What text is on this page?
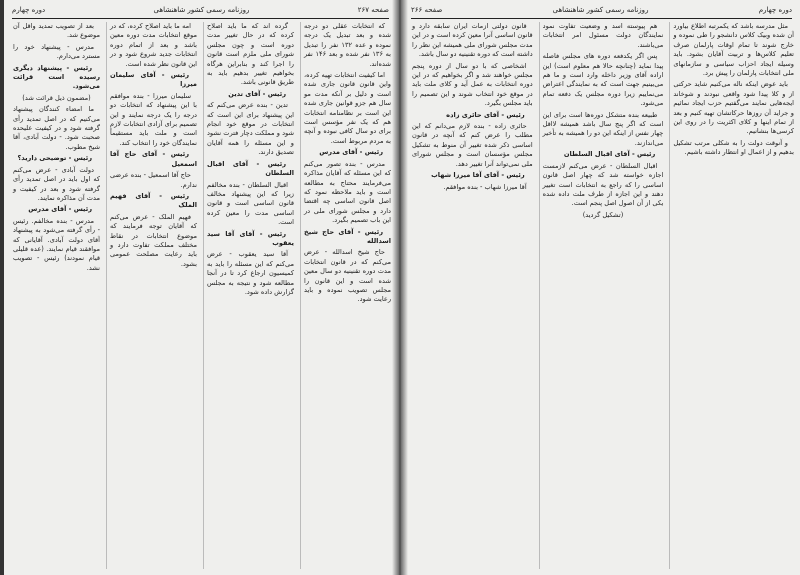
صفحه ۲۶۷
روزنامه رسمی کشور شاهنشاهی
دوره چهارم

که انتخابات عقلی دو درجه شده و بعد تبدیل یک درجه نموده و عده ۱۳۲ نفر را تبدیل به ۱۳۶ نفر شده و بعد ۱۴۶ نفر شده‌اند.

اما کیفیت انتخابات تهیه کرده، واین قانون قانون جاری شده است و دلیل بر آنکه مدت مو سال هم جزو قوانین جاری شده این است بر نظامنامه انتخابات هم که یک نفر مؤسس است برای دو سال کافی نبوده و آنچه به مردم مربوط است.

رئیس - آقای مدرس

مدرس - بنده تصور می‌کنم که این مسئله که آقایان مذاکره می‌فرمایند محتاج به مطالعه است و باید ملاحظه نمود که اصل قانون اساسی چه اقتضا دارد و مجلس شورای ملی در این باب تصمیم بگیرد.

رئیس - آقای حاج شیخ اسدالله

حاج شیخ اسدالله - عرض می‌کنم که در قانون انتخابات مدت دوره تقنینیه دو سال معین شده است و این قانون را مجلس تصویب نموده و باید رعایت شود.

گرده اند که ما باید اصلاح کرده که در حال تغییر مدت دوره است و چون مجلس شورای ملی ملزم است قانون را اجرا کند و بنابراین هرگاه بخواهیم تغییر بدهیم باید به طریق قانونی باشد.

رئیس - آقای تدین

تدین - بنده عرض می‌کنم که این پیشنهاد برای این است که انتخابات در موقع خود انجام شود و مملکت دچار فترت نشود و این مسئله را همه آقایان تصدیق دارند.

رئیس - آقای اقبال السلطان

اقبال السلطان - بنده مخالفم زیرا که این پیشنهاد مخالف قانون اساسی است و قانون اساسی مدت را معین کرده است.

رئیس - آقای آقا سید یعقوب

آقا سید یعقوب - عرض می‌کنم که این مسئله را باید به کمیسیون ارجاع کرد تا در آنجا مطالعه شود و نتیجه به مجلس گزارش داده شود.

امه ما باید اصلاح کرده، که در موقع انتخابات مدت دوره معین باشد و بعد از اتمام دوره انتخابات جدید شروع شود و در این قانون نظر شده است.

رئیس - آقای سلیمان میرزا

سلیمان میرزا - بنده موافقم با این پیشنهاد که انتخابات دو درجه را یک درجه نمایند و این تصمیم برای آزادی انتخابات لازم است و ملت باید مستقیماً نمایندگان خود را انتخاب کند.

رئیس - آقای حاج آقا اسمعیل

حاج آقا اسمعیل - بنده عرضی ندارم.

رئیس - آقای فهیم الملک

فهیم الملک - عرض می‌کنم که آقایان توجه فرمایند که موضوع انتخابات در نقاط مختلف مملکت تفاوت دارد و باید رعایت مصلحت عمومی بشود.

بعد از تصویب تمدید واقل آن موضوع شد.

مدرس - پیشنهاد خود را مسترد می‌دارم.

رئیس - پیشنهاد دیگری رسیده است قرائت می‌شود.

(مضمون ذیل قرائت شد)

ما امضاء کنندگان پیشنهاد می‌کنیم که در اصل تمدید رأی گرفته شود و در کیفیت علیحده صحبت شود. - دولت آبادی، آقا شیخ مطوب.

رئیس - توضیحی دارید؟

دولت آبادی - عرض می‌کنم که اول باید در اصل تمدید رأی گرفته شود و بعد در کیفیت و مدت آن مذاکره نمایند.

رئیس - آقای مدرس

مدرس - بنده مخالفم. رئیس - رأی گرفته می‌شود به پیشنهاد آقای دولت آبادی. آقایانی که موافقند قیام نمایند. (عده قلیلی قیام نمودند) رئیس - تصویب نشد.

صفحه ۲۶۶	روزنامه رسمی کشور شاهنشاهی	دوره چهارم

مثل مدرسه باشد که یکمرتبه اطلاع بیاورد آن شده وبیک کلاس دانشجو را طی نموده و خارج شوند تا تمام اوقات پارلمان صرف تعلیم کلاس‌ها و تربیت آقایان بشود. باید وسیله ایجاد احزاب سیاسی و سازمانهای ملی انتخابات پارلمان را پیش برد.

باید عوض اینکه ناله می‌کنیم شاید حرکتی از و کلا پیدا شود واقعی نبودند و شوخاند ایجه‌هایی نمایند می‌گفتیم حزب ایجاد نمائیم و جراید آن روزها حرکاتشان تهیه کنیم و بعد از تمام اینها و کلای اکثریت را در روی این کرسی‌ها بنشانیم.

و آنوقت دولت را به شکلی مرتب تشکیل بدهیم و از اعمال او انتظار داشته باشیم.

هم پیوسته اسد و وضعیت تفاوت نمود نمایندگان دولت مسئول امر انتخابات می‌باشند.

پس اگر یکدفعه دوره های مجلس فاصله پیدا نماید (چنانچه حالا هم معلوم است) این اراده آقای وزیر داخله وارد است و ما هم می‌بینیم جهت است که به نمایندگی اعتراض می‌نماییم زیرا دوره مجلس یک دفعه تمام می‌شود.

طبیعه بنده متشکل دوره‌ها است برای این است که اگر پنج سال باشد همیشه لااقل چهار نفس از اینکه این دو را همیشه به تأخیر می‌اندازند.

رئیس - آقای اقبال السلطان

اقبال السلطان - عرض می‌کنم لازمست اجازه خواسته شد که چهار اصل قانون اساسی را که راجع به انتخابات است تغییر دهند و این اجازه از طرف ملت داده شده یکی از آن اصول اصل پنجم است.

(تشکیل گردید)

قانون دولتی ازمات ایران سابقه دارد و قانون اساسی آنرا معین کرده است و در این مدت مجلس شورای ملی همیشه این نظر را داشته است که دوره تقنینیه دو سال باشد.

اشخاصی که با دو سال از دوره پنجم مجلس خواهند شد و اگر بخواهیم که در این دوره انتخابات به عمل آید و کلای ملت باید در موقع خود انتخاب شوند و این تصمیم را باید مجلس بگیرد.

رئیس - آقای حائری زاده

حائری زاده - بنده لازم می‌دانم که این مطلب را عرض کنم که آنچه در قانون اساسی ذکر شده تغییر آن منوط به تشکیل مجلس مؤسسان است و مجلس شورای ملی نمی‌تواند آنرا تغییر دهد.

رئیس - آقای آقا میرزا شهاب

آقا میرزا شهاب - بنده موافقم.
